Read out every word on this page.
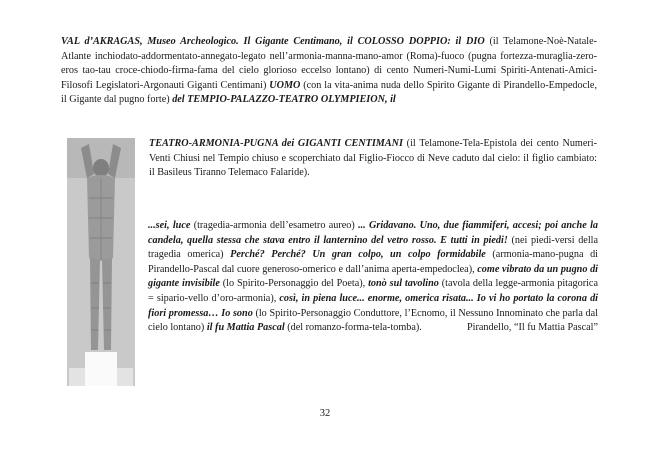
VAL d’AKRAGAS, Museo Archeologico. Il Gigante Centimano, il COLOSSO DOPPIO: il DIO (il Telamone-Noè-Natale-Atlante inchiodato-addormentato-annegato-legato nell’armonia-manna-mano-amor (Roma)-fuoco (pugna fortezza-muraglia-zero-eros tao-tau croce-chiodo-firma-fama del cielo glorioso eccelso lontano) di cento Numeri-Numi-Lumi Spiriti-Antenati-Amici-Filosofi Legislatori-Argonauti Giganti Centimani) UOMO (con la vita-anima nuda dello Spirito Gigante di Pirandello-Empedocle, il Gigante dal pugno forte) del TEMPIO-PALAZZO-TEATRO OLYMPIEION, il

TEATRO-ARMONIA-PUGNA dei GIGANTI CENTIMANI (il Telamone-Tela-Epistola dei cento Numeri-Venti Chiusi nel Tempio chiuso e scoperchiato dal Figlio-Fiocco di Neve caduto dal cielo: il figlio cambiato: il Basileus Tiranno Telemaco Falaride).

...sei, luce (tragedia-armonia dell’esametro aureo) ... Gridavano. Uno, due fiammiferi, accesi; poi anche la candela, quella stessa che stava entro il lanternino del vetro rosso. E tutti in piedi! (nei piedi-versi della tragedia omerica) Perché? Perché? Un gran colpo, un colpo formidabile (armonia-mano-pugna di Pirandello-Pascal dal cuore generoso-omerico e dall’anima aperta-empedoclea), come vibrato da un pugno di gigante invisibile (lo Spirito-Personaggio del Poeta), tonò sul tavolino (tavola della legge-armonia pitagorica = sipario-vello d’oro-armonia), così, in piena luce... enorme, omerica risata... Io vi ho portato la corona di fiori promessa… Io sono (lo Spirito-Personaggio Conduttore, l’Ecnomo, il Nessuno Innominato che parla dal cielo lontano) il fu Mattia Pascal (del romanzo-forma-tela-tomba).	Pirandello, “Il fu Mattia Pascal”
32
